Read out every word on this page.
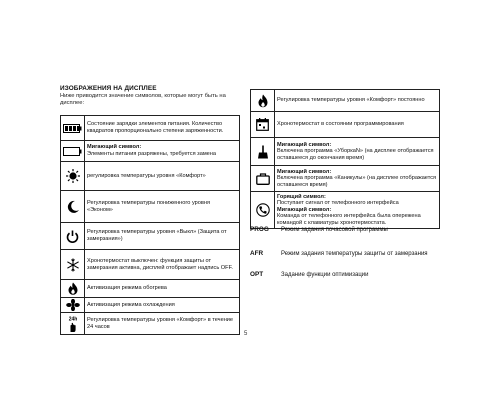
ИЗОБРАЖЕНИЯ НА ДИСПЛЕЕ
Ниже приводится значение символов, которые могут быть на дисплее:

Состояние зарядки элементов питания. Количество квадратов пропорционально степени заряженности.

Мигающий символ:
Элементы питания разряжены, требуется замена

регулировка температуры уровня «Комфорт»

Регулировка температуры пониженного уровня «Эконом»

Регулировка температуры уровня «Выкл» (Защита от замерзания»)

Хронотермостат выключен: функция защиты от замерзания активна, дисплей отображает надпись OFF.

Активизация режима обогрева

Активизация режима охлаждения

24h	Регулировка температуры уровня «Комфорт» в течение 24 часов

Регулировка температуры уровня «Комфорт» постоянно

Хронотермостат в состоянии программирования

Мигающий символ:
Включена программа «УборкаN» (на дисплее отображается оставшееся до окончания время)

Мигающий символ:
Включена программа «Каникулы» (на дисплее отображается оставшееся время)

Горящий символ:
Поступает сигнал от телефонного интерфейса
Мигающий символ:
Команда от телефонного интерфейса была опережена командой с клавиатуры хронотермостата.
PROG Режим задания почасовой программы
AFR	Режим задания температуры защиты от замерзания
OPT	Задание функции оптимизации
5
